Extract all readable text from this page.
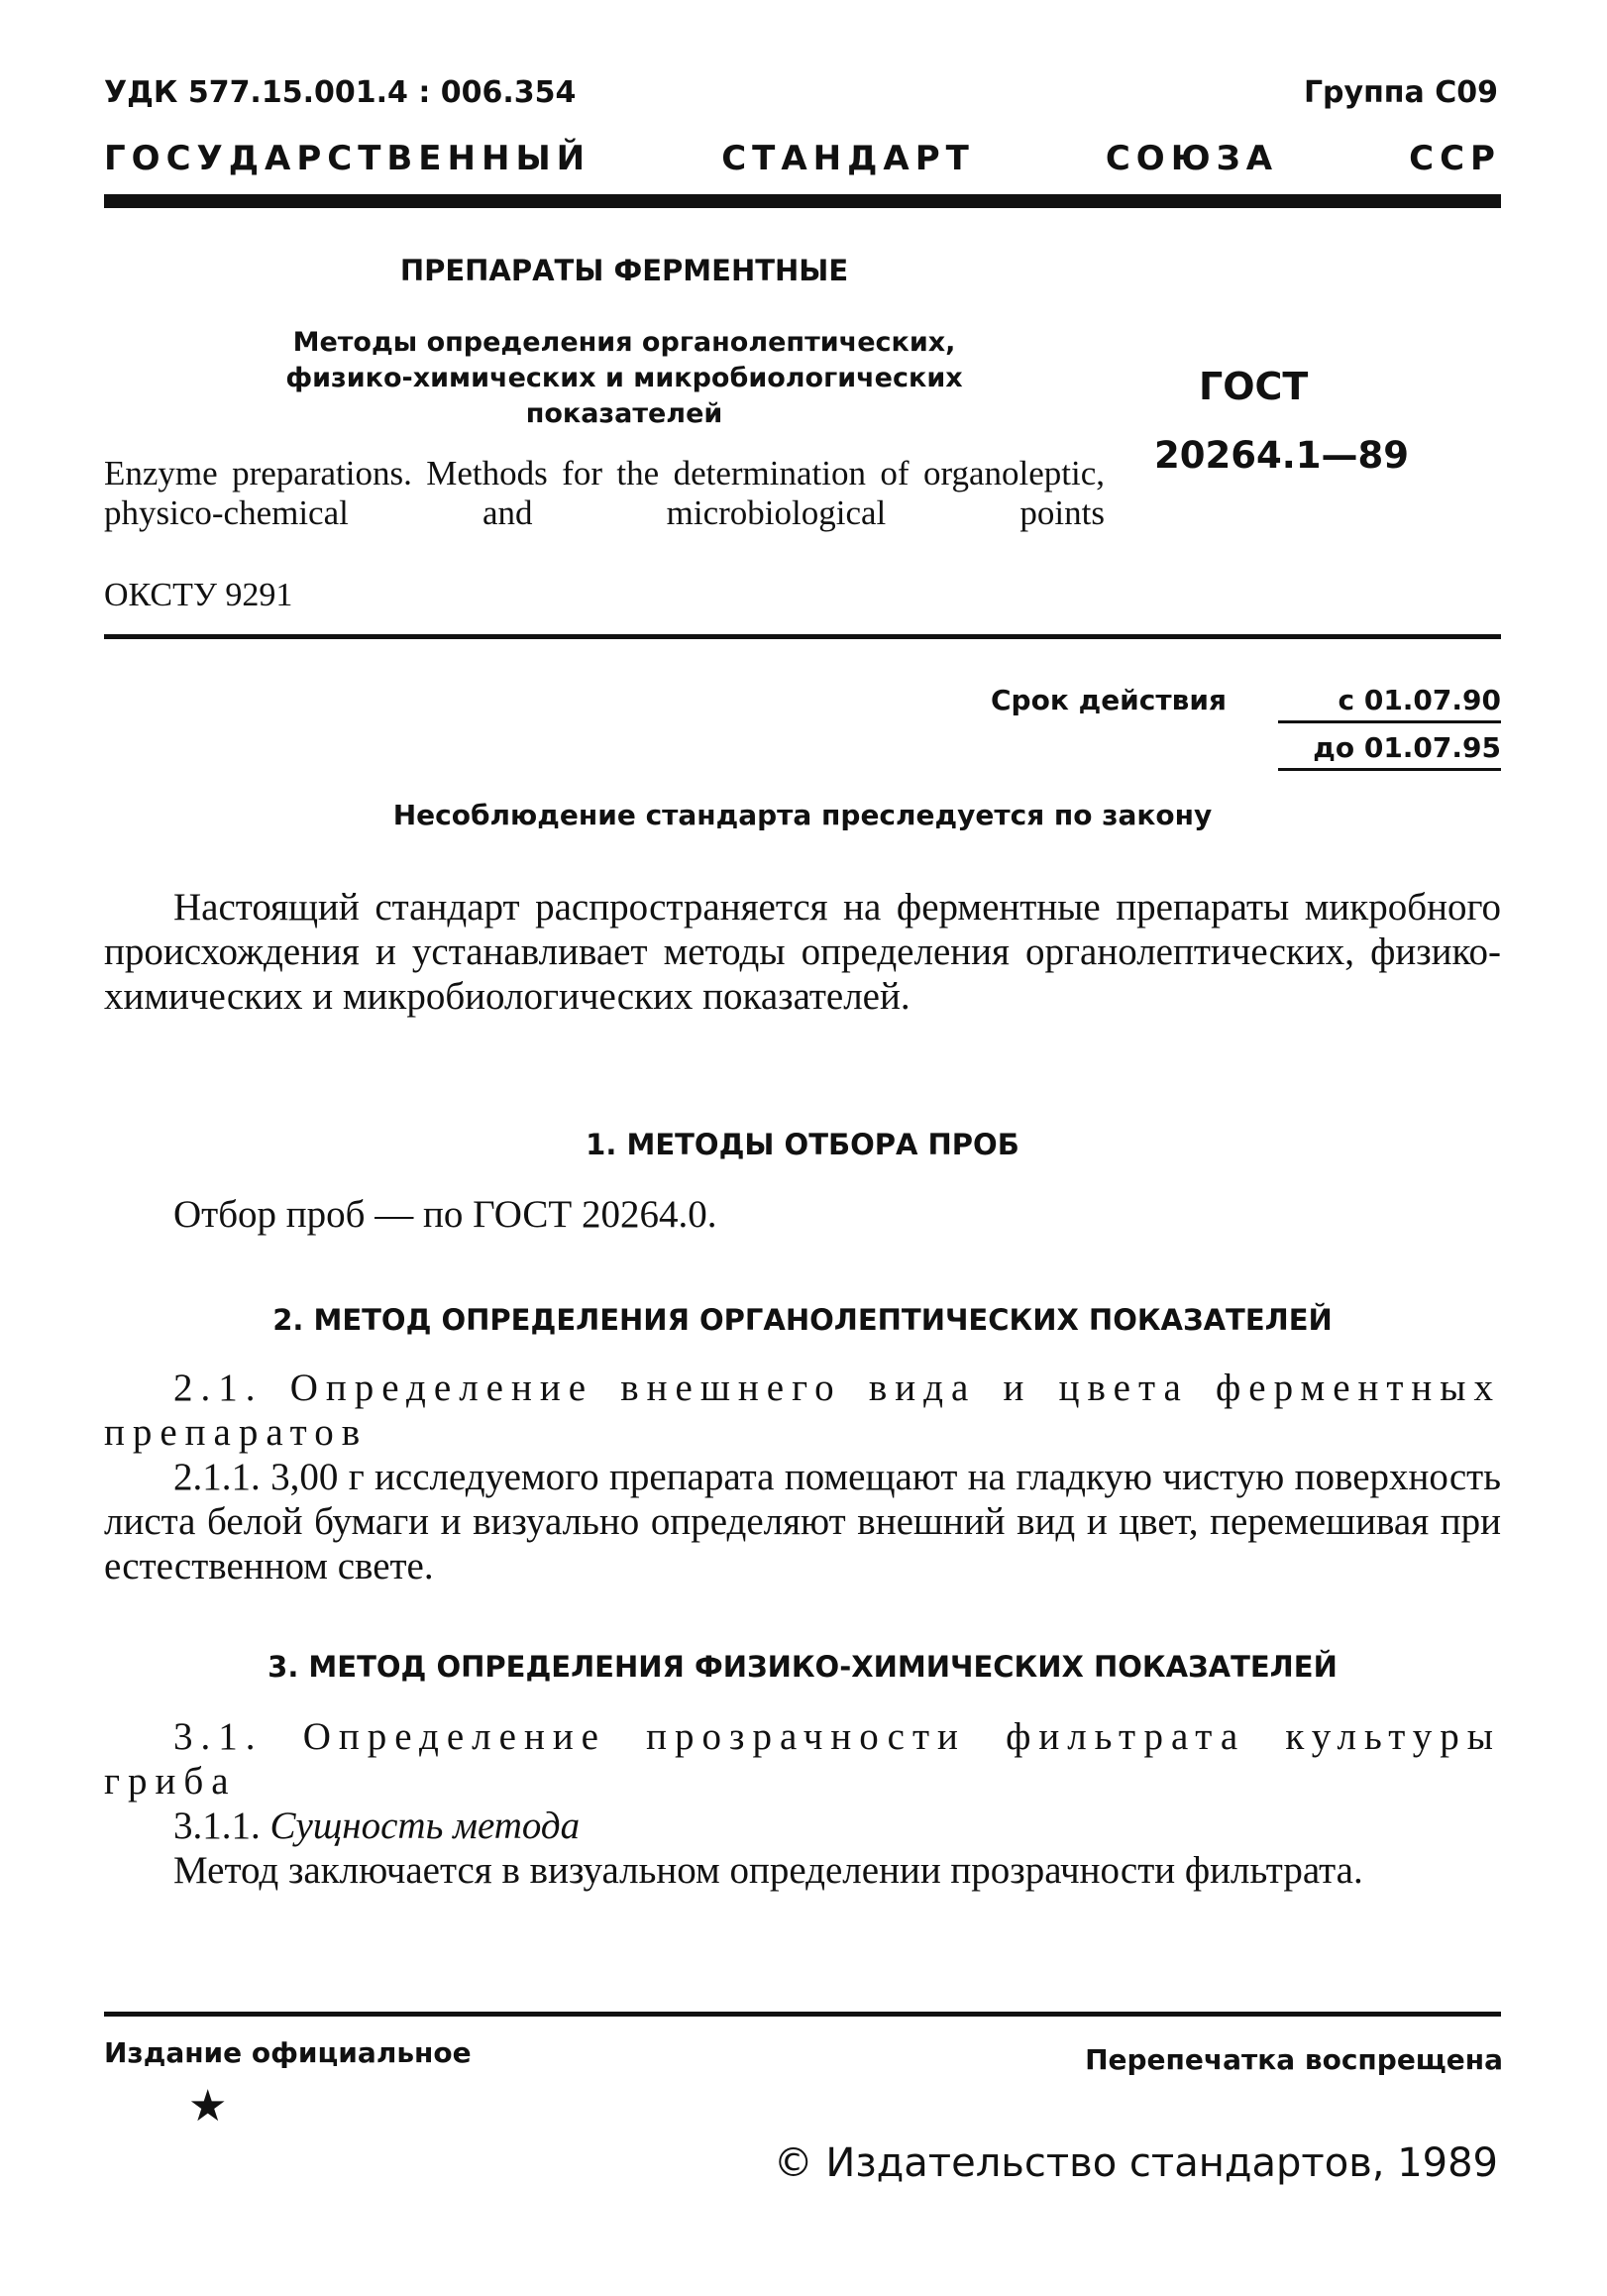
УДК 577.15.001.4 : 006.354	Группа С09
ГОСУДАРСТВЕННЫЙ	СТАНДАРТ	СОЮЗА	ССР
ПРЕПАРАТЫ ФЕРМЕНТНЫЕ
Методы определения органолептических,
физико-химических и микробиологических
показателей
Enzyme preparations. Methods for the determination of organoleptic, physico-chemical and microbiological points
ГОСТ
20264.1—89
ОКСТУ 9291
Срок действия	с 01.07.90
до 01.07.95
Несоблюдение стандарта преследуется по закону
Настоящий стандарт распространяется на ферментные препараты микробного происхождения и устанавливает методы определения органолептических, физико-химических и микробиологических показателей.
1. МЕТОДЫ ОТБОРА ПРОБ
Отбор проб — по ГОСТ 20264.0.
2. МЕТОД ОПРЕДЕЛЕНИЯ ОРГАНОЛЕПТИЧЕСКИХ ПОКАЗАТЕЛЕЙ
2.1. Определение внешнего вида и цвета ферментных препаратов
2.1.1. 3,00 г исследуемого препарата помещают на гладкую чистую поверхность листа белой бумаги и визуально определяют внешний вид и цвет, перемешивая при естественном свете.
3. МЕТОД ОПРЕДЕЛЕНИЯ ФИЗИКО-ХИМИЧЕСКИХ ПОКАЗАТЕЛЕЙ
3.1. Определение прозрачности фильтрата культуры гриба
3.1.1. Сущность метода
Метод заключается в визуальном определении прозрачности фильтрата.
Издание официальное	Перепечатка воспрещена
★
© Издательство стандартов, 1989
